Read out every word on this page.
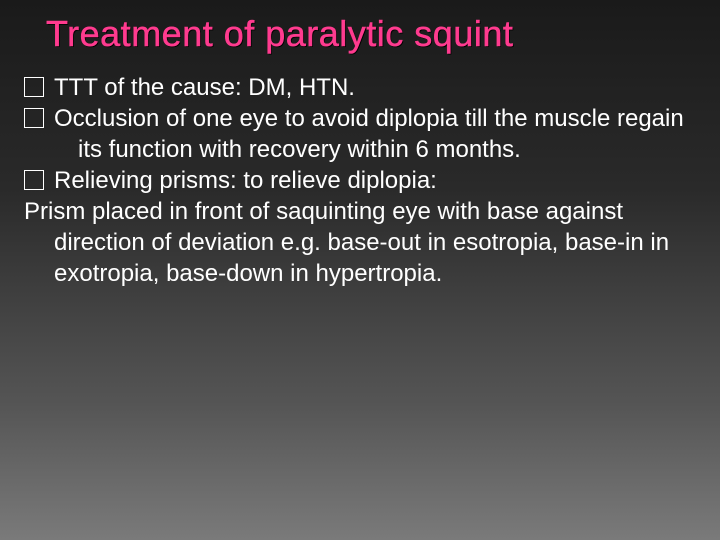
Treatment of paralytic squint

TTT of the cause: DM, HTN.

Occlusion of one eye to avoid diplopia till the muscle regain its function with recovery within 6 months.

Relieving prisms: to relieve diplopia:

Prism placed in front of saquinting eye with base against direction of deviation e.g. base-out in esotropia, base-in in exotropia, base-down in hypertropia.
